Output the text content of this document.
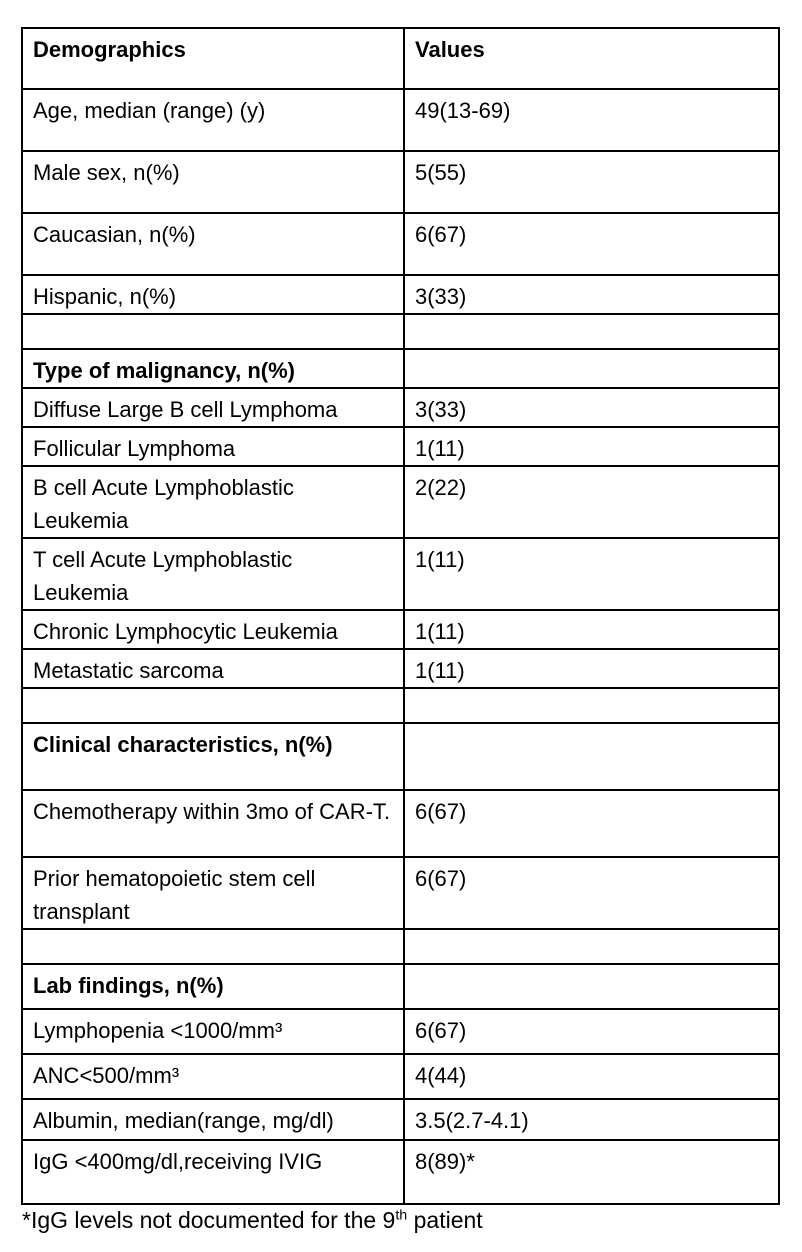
Demographics	Values
Age, median (range) (y)	49(13-69)
Male sex, n(%)	5(55)
Caucasian, n(%)	6(67)
Hispanic, n(%)	3(33)

Type of malignancy, n(%)	
Diffuse Large B cell Lymphoma	3(33)
Follicular Lymphoma	1(11)
B cell Acute Lymphoblastic Leukemia	2(22)
T cell Acute Lymphoblastic Leukemia	1(11)
Chronic Lymphocytic Leukemia	1(11)
Metastatic sarcoma	1(11)

Clinical characteristics, n(%)	
Chemotherapy within 3mo of CAR-T.	6(67)
Prior hematopoietic stem cell transplant	6(67)

Lab findings, n(%)	
Lymphopenia <1000/mm³	6(67)
ANC<500/mm³	4(44)
Albumin, median(range, mg/dl)	3.5(2.7-4.1)
IgG <400mg/dl,receiving IVIG	8(89)*
*IgG levels not documented for the 9th patient
